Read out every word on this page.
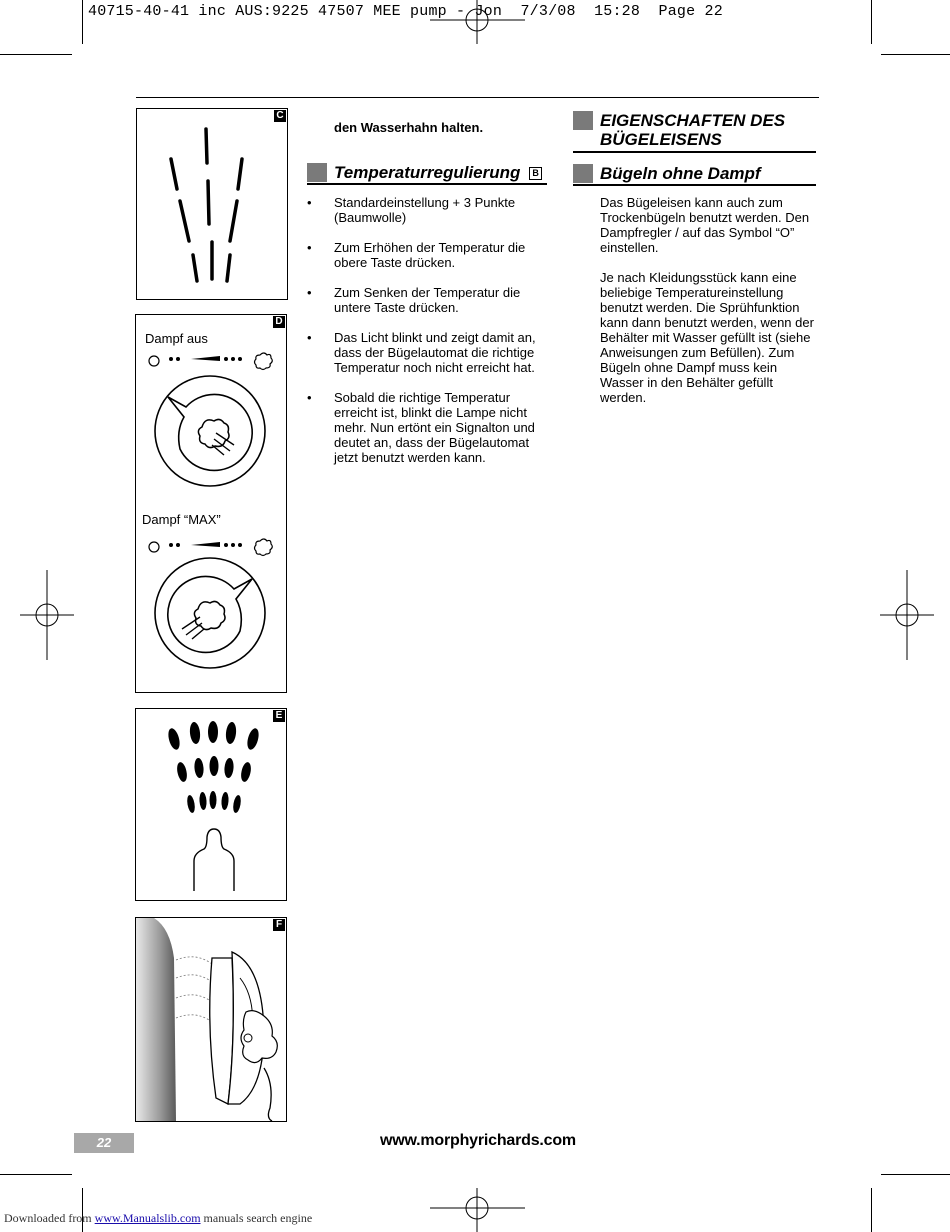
40715-40-41 inc AUS:9225 47507 MEE pump - Jon  7/3/08  15:28  Page 22
C
D
Dampf aus
Dampf “MAX”
E
F
den Wasserhahn halten.
Temperaturregulierung B
• Standardeinstellung + 3 Punkte (Baumwolle)
• Zum Erhöhen der Temperatur die obere Taste drücken.
• Zum Senken der Temperatur die untere Taste drücken.
• Das Licht blinkt und zeigt damit an, dass der Bügelautomat die richtige Temperatur noch nicht erreicht hat.
• Sobald die richtige Temperatur erreicht ist, blinkt die Lampe nicht mehr. Nun ertönt ein Signalton und deutet an, dass der Bügelautomat jetzt benutzt werden kann.
EIGENSCHAFTEN DES
BÜGELEISENS
Bügeln ohne Dampf

Das Bügeleisen kann auch zum Trockenbügeln benutzt werden. Den Dampfregler / auf das Symbol “O” einstellen.

Je nach Kleidungsstück kann eine beliebige Temperatureinstellung benutzt werden. Die Sprühfunktion kann dann benutzt werden, wenn der Behälter mit Wasser gefüllt ist (siehe Anweisungen zum Befüllen). Zum Bügeln ohne Dampf muss kein Wasser in den Behälter gefüllt werden.

22	www.morphyrichards.com
Downloaded from www.Manualslib.com manuals search engine
